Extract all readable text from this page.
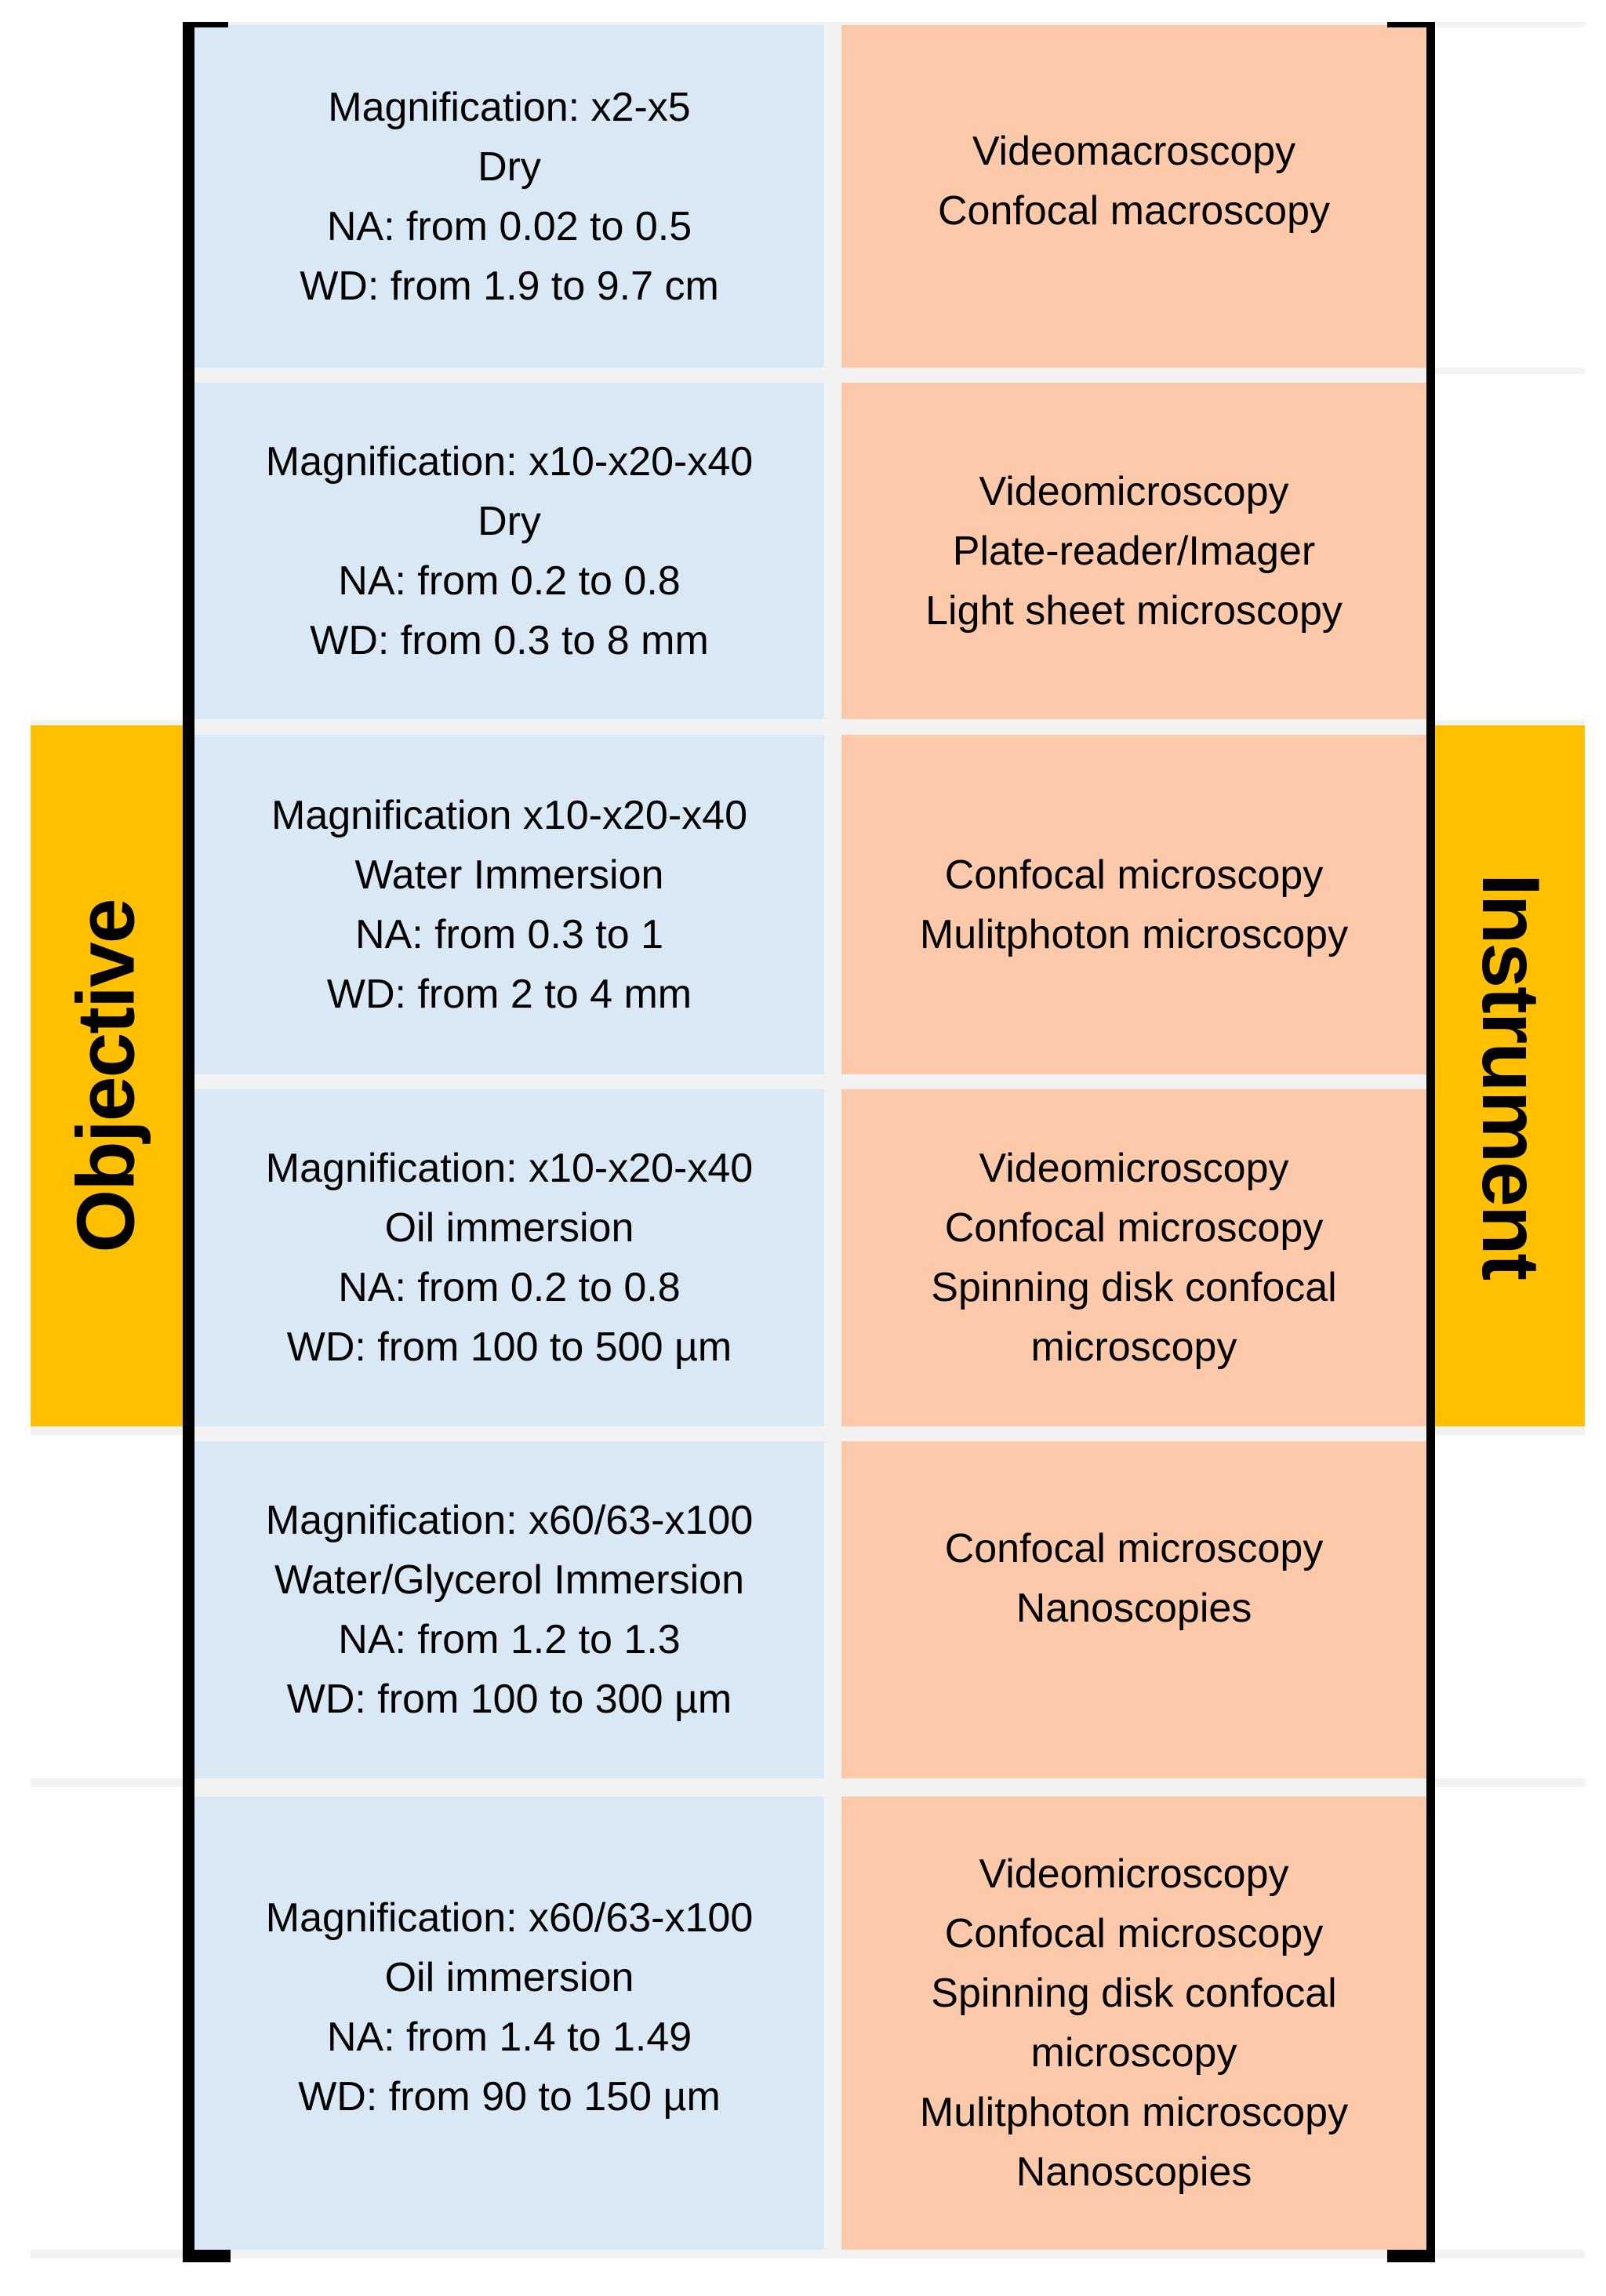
Objective	Instrument
Magnification: x2-x5
Dry
NA: from 0.02 to 0.5
WD: from 1.9 to 9.7 cm
Videomacroscopy
Confocal macroscopy
Magnification: x10-x20-x40
Dry
NA: from 0.2 to 0.8
WD: from 0.3 to 8 mm
Videomicroscopy
Plate-reader/Imager
Light sheet microscopy
Magnification x10-x20-x40
Water Immersion
NA: from 0.3 to 1
WD: from 2 to 4 mm
Confocal microscopy
Mulitphoton microscopy
Magnification: x10-x20-x40
Oil immersion
NA: from 0.2 to 0.8
WD: from 100 to 500 µm
Videomicroscopy
Confocal microscopy
Spinning disk confocal
microscopy
Magnification: x60/63-x100
Water/Glycerol Immersion
NA: from 1.2 to 1.3
WD: from 100 to 300 µm
Confocal microscopy
Nanoscopies
Magnification: x60/63-x100
Oil immersion
NA: from 1.4 to 1.49
WD: from 90 to 150 µm
Videomicroscopy
Confocal microscopy
Spinning disk confocal
microscopy
Mulitphoton microscopy
Nanoscopies
